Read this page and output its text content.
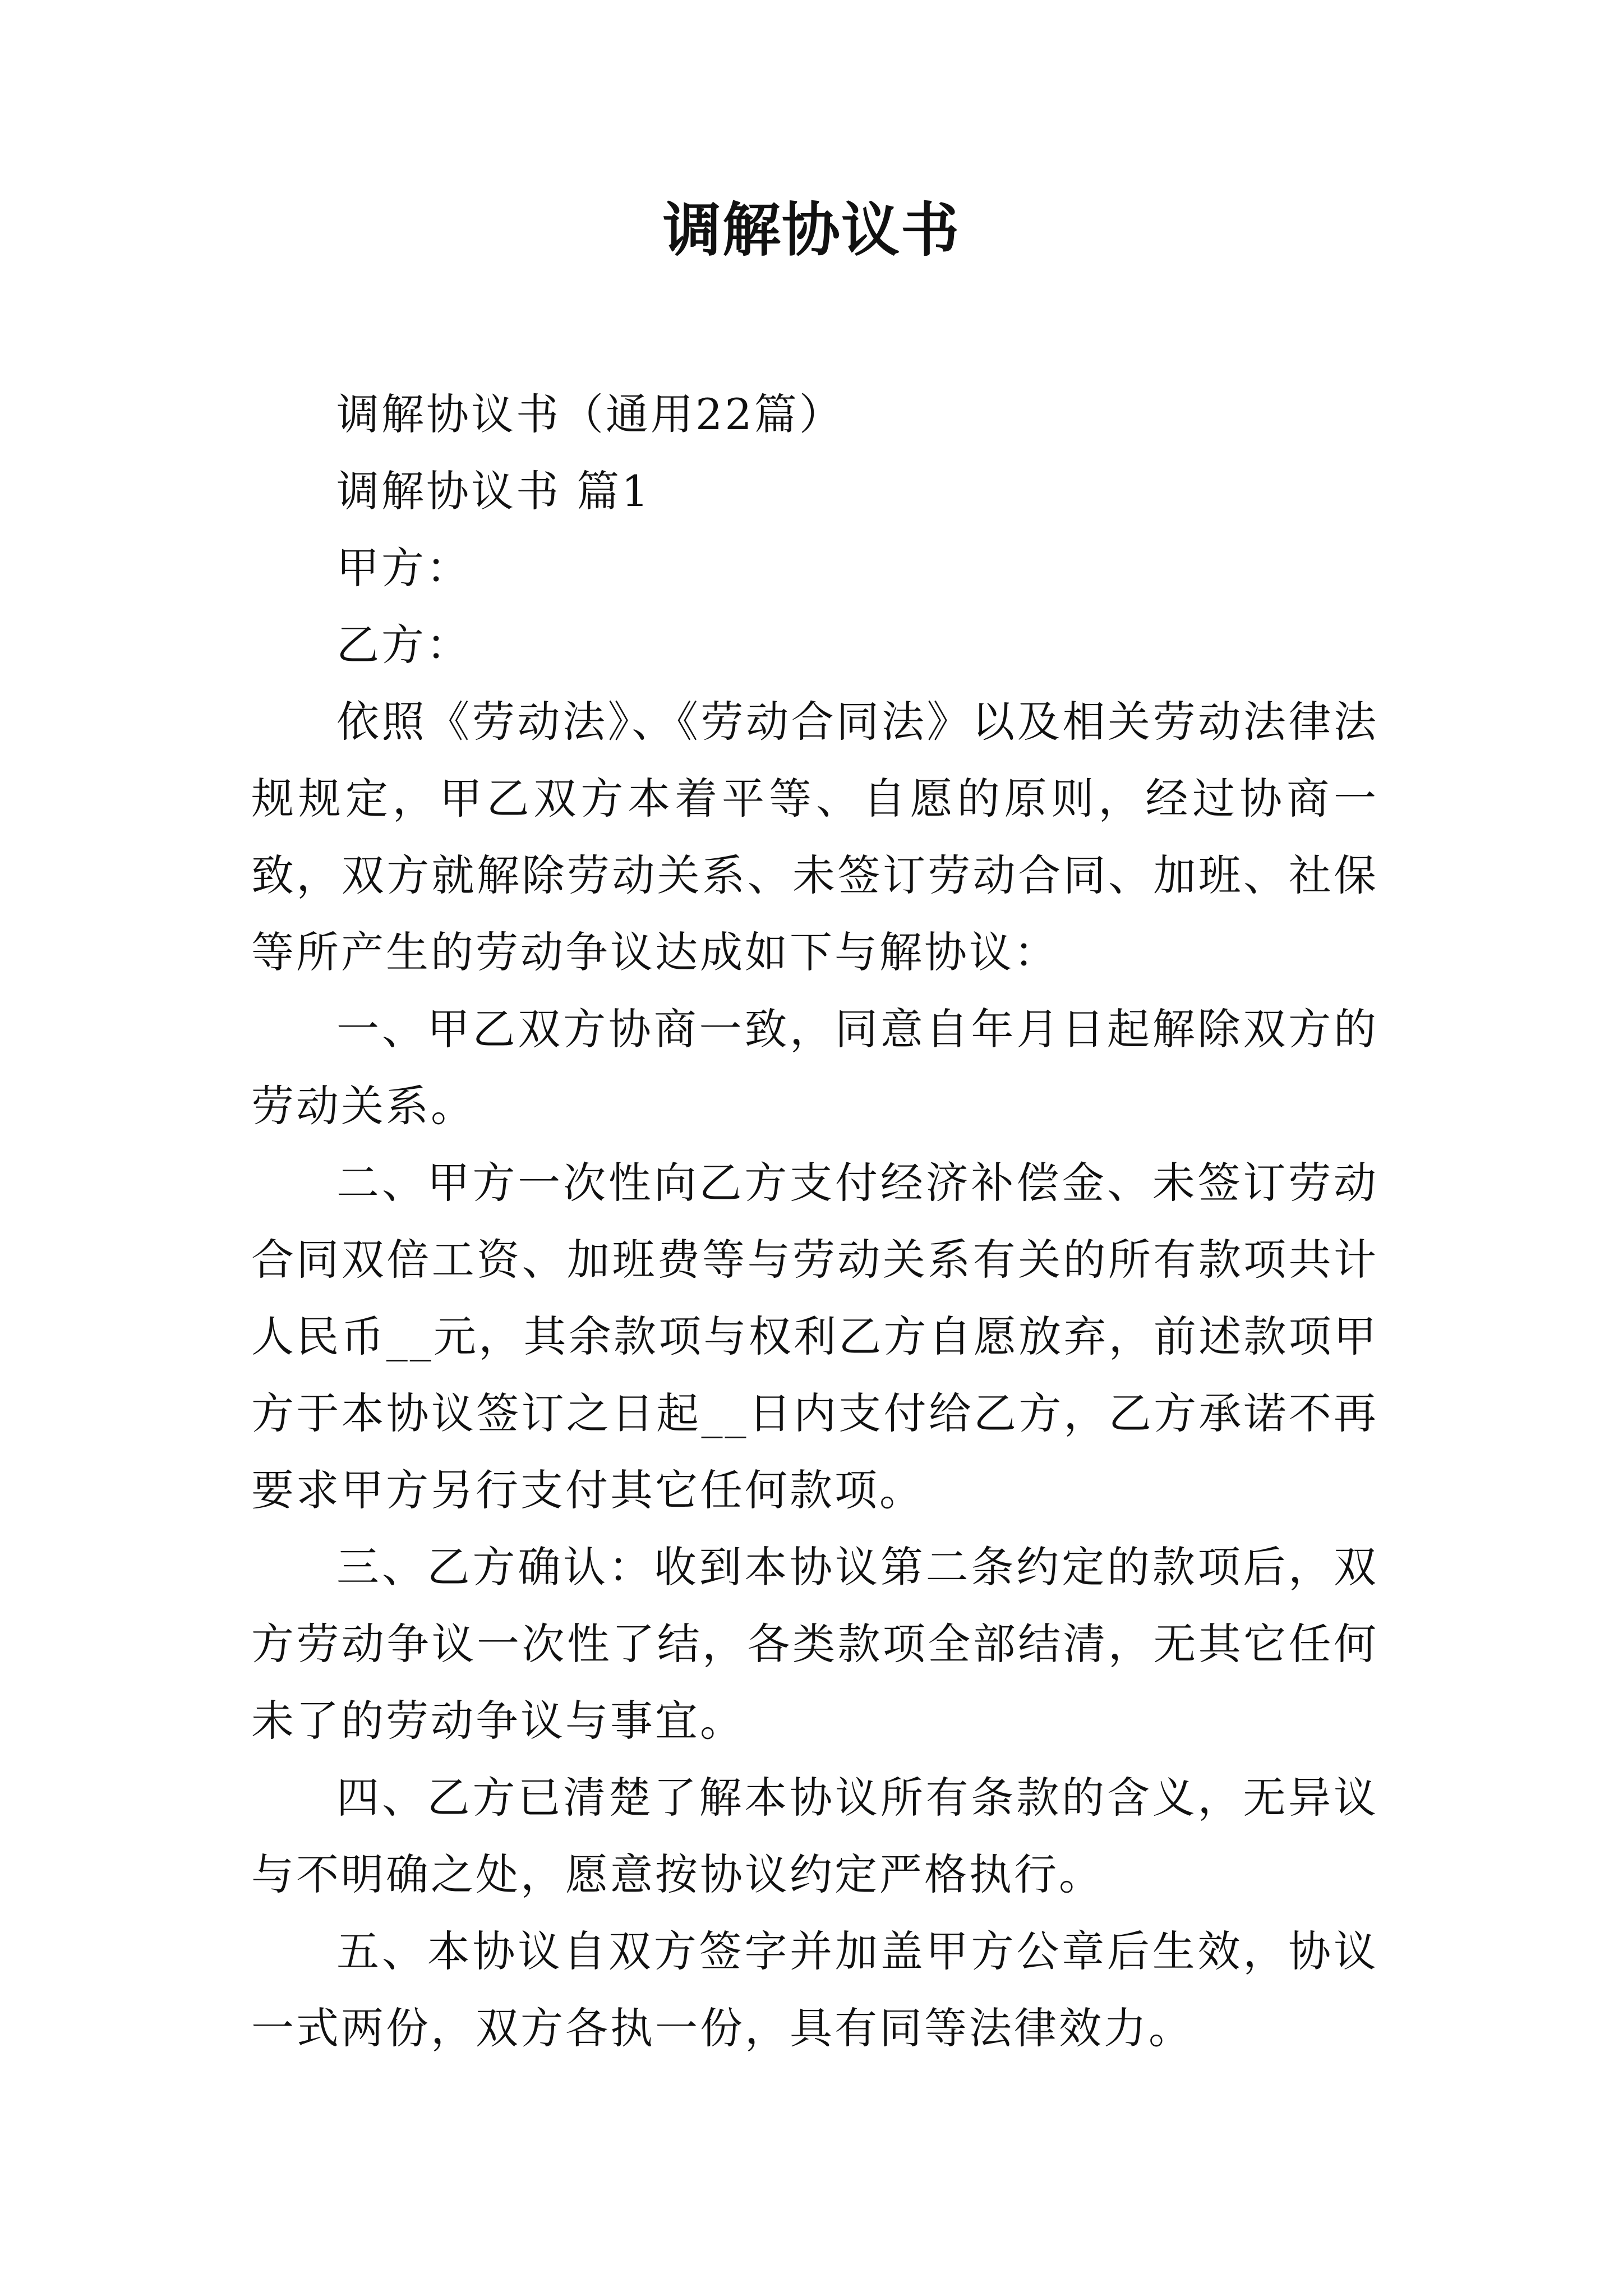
调解协议书

调解协议书（通用22篇）

调解协议书 篇1

甲方：

乙方：

依照《劳动法》、《劳动合同法》以及相关劳动法律法规规定，甲乙双方本着平等、自愿的原则，经过协商一致，双方就解除劳动关系、未签订劳动合同、加班、社保等所产生的劳动争议达成如下与解协议：

一、甲乙双方协商一致，同意自年月日起解除双方的劳动关系。

二、甲方一次性向乙方支付经济补偿金、未签订劳动合同双倍工资、加班费等与劳动关系有关的所有款项共计人民币__元，其余款项与权利乙方自愿放弃，前述款项甲方于本协议签订之日起__日内支付给乙方，乙方承诺不再要求甲方另行支付其它任何款项。

三、乙方确认：收到本协议第二条约定的款项后，双方劳动争议一次性了结，各类款项全部结清，无其它任何未了的劳动争议与事宜。

四、乙方已清楚了解本协议所有条款的含义，无异议与不明确之处，愿意按协议约定严格执行。

五、本协议自双方签字并加盖甲方公章后生效，协议一式两份，双方各执一份，具有同等法律效力。
